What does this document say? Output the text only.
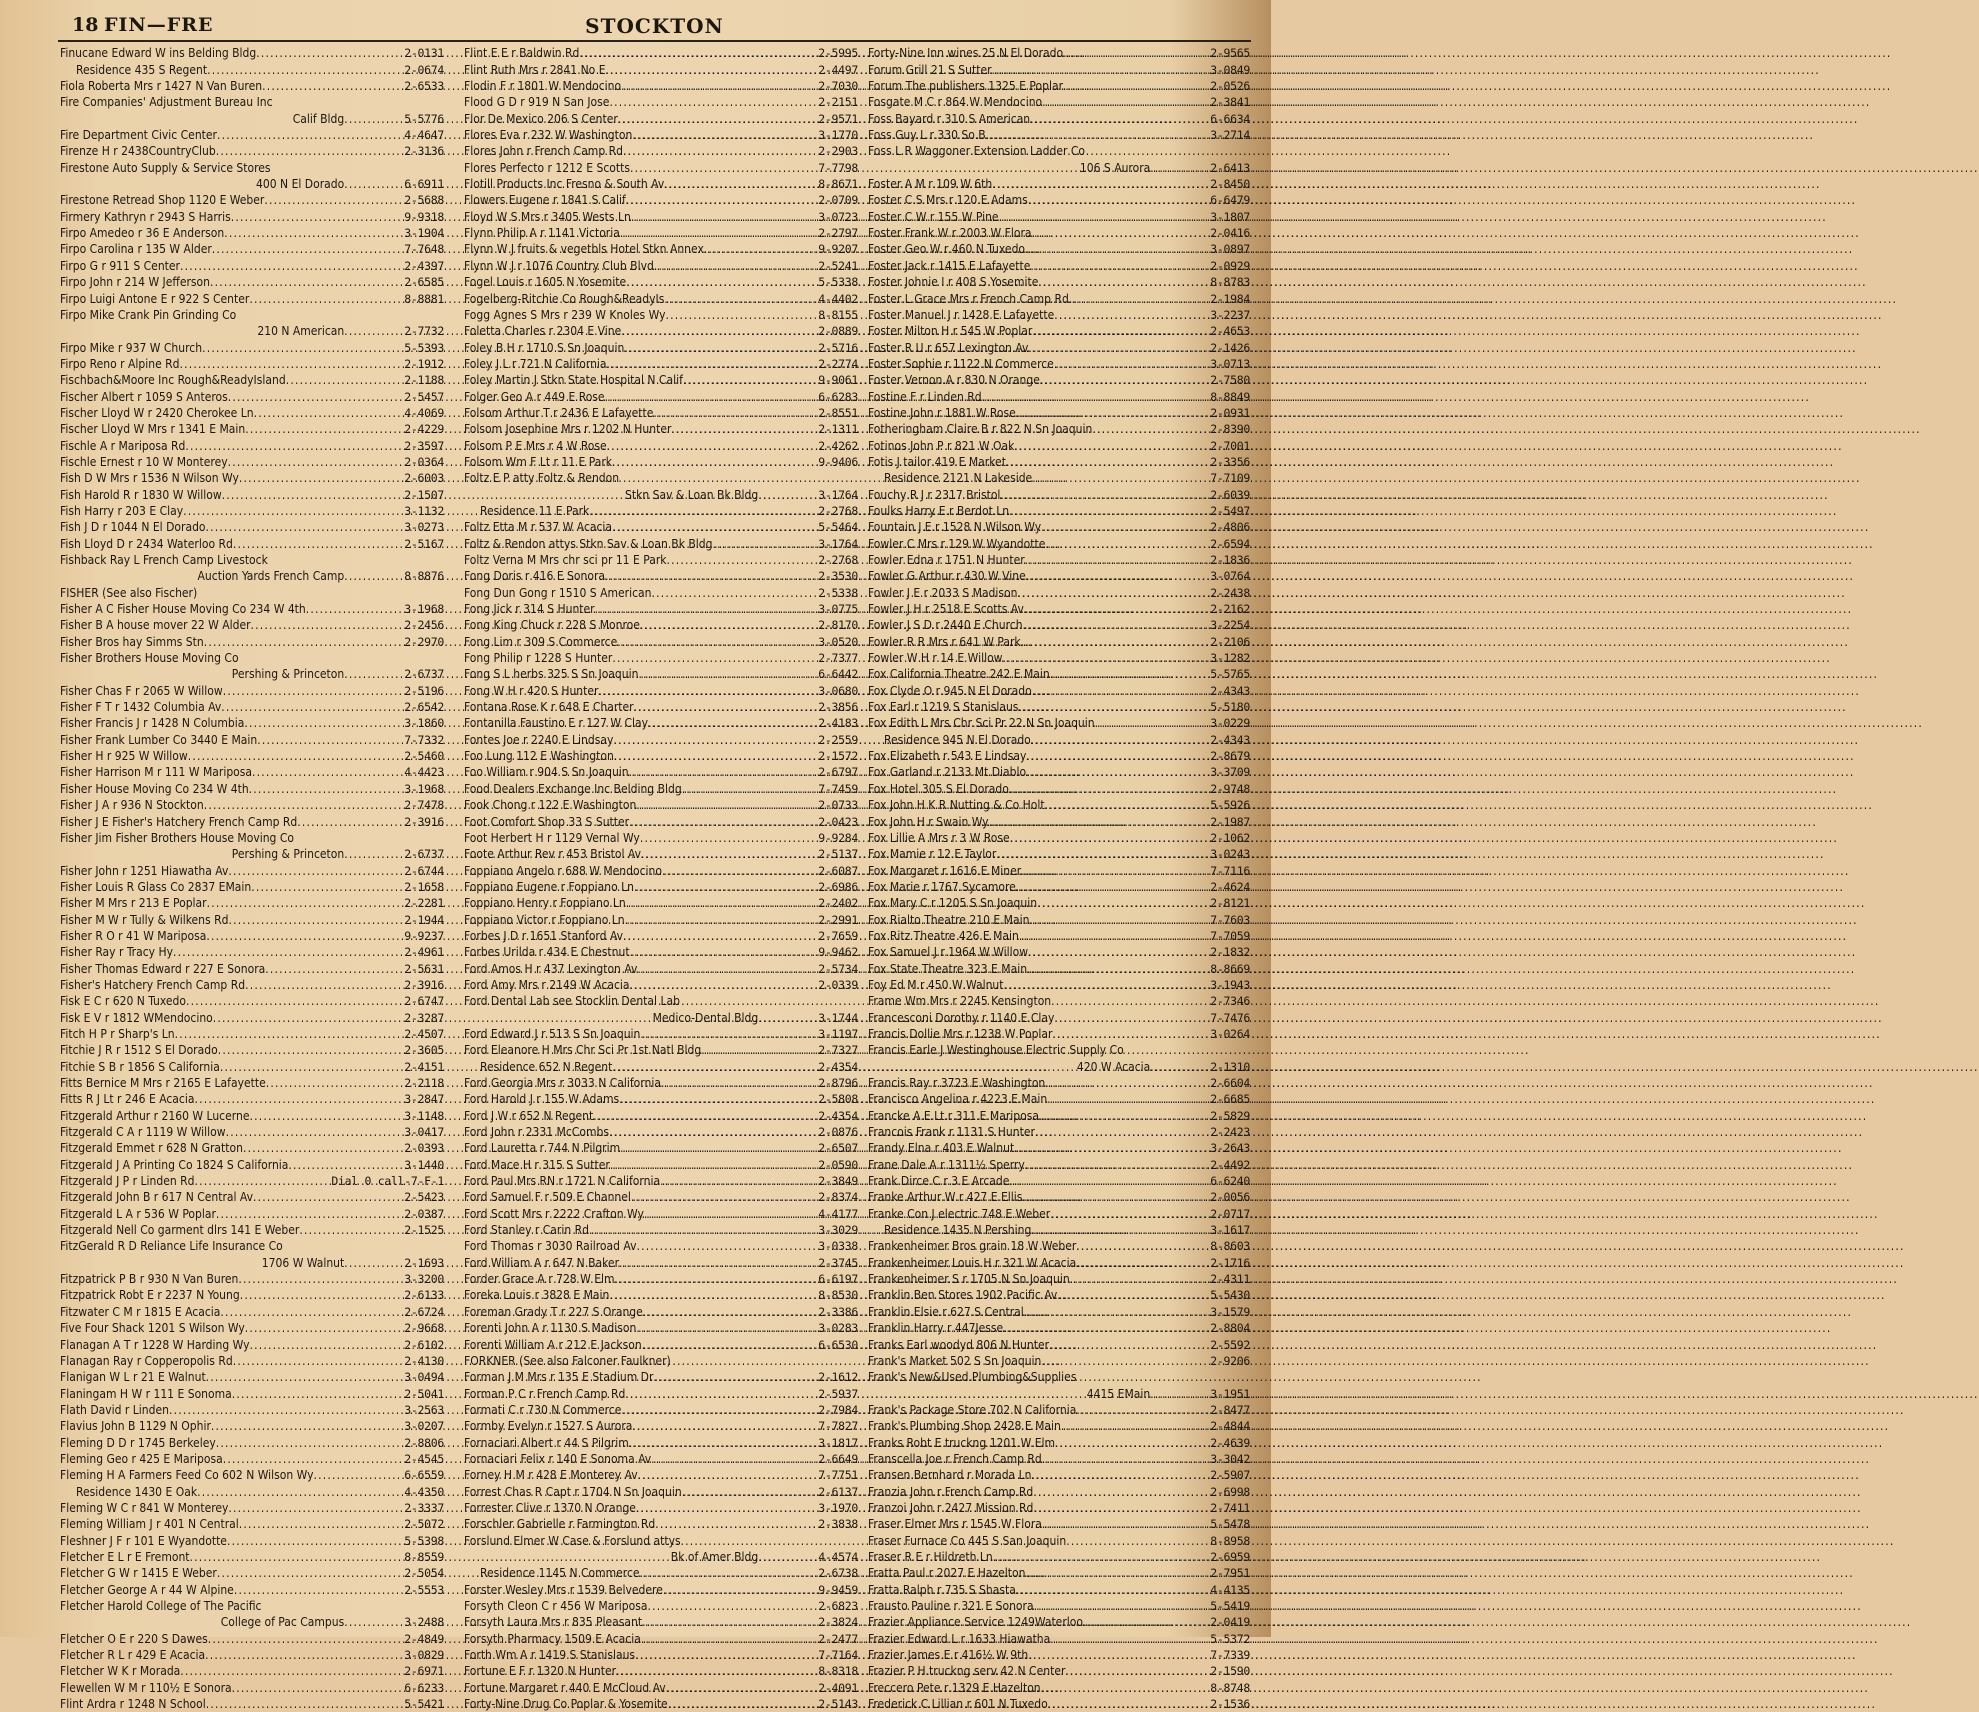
18 FIN—FRE	STOCKTON
Finucane Edward W ins Belding Bldg .....	2-0131
Residence 435 S Regent .....	2-0674
Fiola Roberta Mrs r 1427 N Van Buren .....	2-6533
Fire Companies' Adjustment Bureau Inc
Calif Bldg .....	5-5776
Fire Department Civic Center .....	4-4647
Firenze H r 2438CountryClub .....	2-3136
Firestone Auto Supply & Service Stores
400 N El Dorado .....	6-6911
Firestone Retread Shop 1120 E Weber .....	2-5688
Firmery Kathryn r 2943 S Harris .....	9-9318
Firpo Amedeo r 36 E Anderson .....	3-1904
Firpo Carolina r 135 W Alder .....	7-7648
Firpo G r 911 S Center .....	2-4397
Firpo John r 214 W Jefferson .....	2-6585
Firpo Luigi Antone E r 922 S Center .....	8-8881
Firpo Mike Crank Pin Grinding Co
210 N American .....	2-7732
Firpo Mike r 937 W Church .....	5-5393
Firpo Reno r Alpine Rd .....	2-1912
Fischbach&Moore Inc Rough&ReadyIsland .....	2-1188
Fischer Albert r 1059 S Anteros .....	2-5457
Fischer Lloyd W r 2420 Cherokee Ln .....	4-4069
Fischer Lloyd W Mrs r 1341 E Main .....	2-4229
Fischle A r Mariposa Rd .....	2-3597
Fischle Ernest r 10 W Monterey .....	2-0364
Fish D W Mrs r 1536 N Wilson Wy .....	2-6003
Fish Harold R r 1830 W Willow .....	2-1507
Fish Harry r 203 E Clay .....	3-1132
Fish J D r 1044 N El Dorado .....	3-0273
Fish Lloyd D r 2434 Waterloo Rd .....	2-5167
Fishback Ray L French Camp Livestock
Auction Yards French Camp .....	8-8876
FISHER (See also Fischer)
Fisher A C Fisher House Moving Co 234 W 4th .....	3-1968
Fisher B A house mover 22 W Alder .....	2-2456
Fisher Bros hay Simms Stn .....	2-2970
Fisher Brothers House Moving Co
Pershing & Princeton .....	2-6737
Fisher Chas F r 2065 W Willow .....	2-5196
Fisher F T r 1432 Columbia Av .....	2-6542
Fisher Francis J r 1428 N Columbia .....	3-1860
Fisher Frank Lumber Co 3440 E Main .....	7-7332
Fisher H r 925 W Willow .....	2-5460
Fisher Harrison M r 111 W Mariposa .....	4-4423
Fisher House Moving Co 234 W 4th .....	3-1968
Fisher J A r 936 N Stockton .....	2-7478
Fisher J E Fisher's Hatchery French Camp Rd .....	2-3916
Fisher Jim Fisher Brothers House Moving Co
Pershing & Princeton .....	2-6737
Fisher John r 1251 Hiawatha Av .....	2-6744
Fisher Louis R Glass Co 2837 EMain .....	2-1658
Fisher M Mrs r 213 E Poplar .....	2-2281
Fisher M W r Tully & Wilkens Rd .....	2-1944
Fisher R O r 41 W Mariposa .....	9-9237
Fisher Ray r Tracy Hy .....	2-4961
Fisher Thomas Edward r 227 E Sonora .....	2-5631
Fisher's Hatchery French Camp Rd .....	2-3916
Fisk E C r 620 N Tuxedo .....	2-6747
Fisk E V r 1812 WMendocino .....	2-3287
Fitch H P r Sharp's Ln .....	2-4507
Fitchie J R r 1512 S El Dorado .....	2-3605
Fitchie S B r 1856 S California .....	2-4151
Fitts Bernice M Mrs r 2165 E Lafayette .....	2-2118
Fitts R J Lt r 246 E Acacia .....	3-2847
Fitzgerald Arthur r 2160 W Lucerne .....	3-1148
Fitzgerald C A r 1119 W Willow .....	3-0417
Fitzgerald Emmet r 628 N Gratton .....	2-0393
Fitzgerald J A Printing Co 1824 S California .....	3-1440
Fitzgerald J P r Linden Rd .....	Dial 0 call-7-F-1
Fitzgerald John B r 617 N Central Av .....	2-5423
Fitzgerald L A r 536 W Poplar .....	2-0387
Fitzgerald Nell Co garment dlrs 141 E Weber .....	2-1525
FitzGerald R D Reliance Life Insurance Co
1706 W Walnut .....	2-1693
Fitzpatrick P B r 930 N Van Buren .....	3-3200
Fitzpatrick Robt E r 2237 N Young .....	2-6133
Fitzwater C M r 1815 E Acacia .....	2-6724
Five Four Shack 1201 S Wilson Wy .....	2-9668
Flanagan A T r 1228 W Harding Wy .....	2-6102
Flanagan Ray r Copperopolis Rd .....	2-4130
Flanigan W L r 21 E Walnut .....	3-0494
Flaningam H W r 111 E Sonoma .....	2-5041
Flath David r Linden .....	3-2563
Flavius John B 1129 N Ophir .....	3-0207
Fleming D D r 1745 Berkeley .....	2-8806
Fleming Geo r 425 E Mariposa .....	2-4545
Fleming H A Farmers Feed Co 602 N Wilson Wy .....	6-6559
Residence 1430 E Oak .....	4-4350
Fleming W C r 841 W Monterey .....	2-3337
Fleming William J r 401 N Central .....	2-5072
Fleshner J F r 101 E Wyandotte .....	5-5398
Fletcher E L r E Fremont .....	8-8559
Fletcher G W r 1415 E Weber .....	2-5054
Fletcher George A r 44 W Alpine .....	2-5553
Fletcher Harold College of The Pacific
College of Pac Campus .....	3-2488
Fletcher O E r 220 S Dawes .....	2-4849
Fletcher R L r 429 E Acacia .....	3-0829
Fletcher W K r Morada .....	2-6971
Flewellen W M r 110½ E Sonora .....	6-6233
Flint Ardra r 1248 N School .....	5-5421
Flint E E r Baldwin Rd .....	2-5995
Flint Ruth Mrs r 2841 No E .....	2-4497
Flodin F r 1801 W Mendocino .....	2-7030
Flood G D r 919 N San Jose .....	2-2151
Flor De Mexico 206 S Center .....	2-9571
Flores Eva r 232 W Washington .....	3-1770
Flores John r French Camp Rd .....	2-2903
Flores Perfecto r 1212 E Scotts .....	7-7798
Flotill Products Inc Fresno & South Av .....	8-8671
Flowers Eugene r 1841 S Calif .....	2-0709
Floyd W S Mrs r 3405 Wests Ln .....	3-0723
Flynn Philip A r 1141 Victoria .....	2-2797
Flynn W J fruits & vegetbls Hotel Stkn Annex .....	9-9207
Flynn W J r 1076 Country Club Blvd .....	2-5241
Fogel Louis r 1605 N Yosemite .....	5-5338
Fogelberg-Ritchie Co Rough&ReadyIs .....	4-4402
Fogg Agnes S Mrs r 239 W Knoles Wy .....	8-8155
Foletta Charles r 2304 E Vine .....	2-0889
Foley B H r 1710 S Sn Joaquin .....	2-5716
Foley J L r 721 N California .....	2-2774
Foley Martin J Stkn State Hospital N Calif .....	9-9061
Folger Geo A r 449 E Rose .....	6-6283
Folsom Arthur T r 2436 E Lafayette .....	2-8551
Folsom Josephine Mrs r 1202 N Hunter .....	2-1311
Folsom P E Mrs r 4 W Rose .....	2-4262
Folsom Wm F Lt r 11 E Park .....	9-9406
Foltz E P atty Foltz & Rendon
Stkn Sav & Loan Bk Bldg .....	3-1764
Residence 11 E Park .....	2-2768
Foltz Etta M r 537 W Acacia .....	5-5464
Foltz & Rendon attys Stkn Sav & Loan Bk Bldg .....	3-1764
Foltz Verna M Mrs chr sci pr 11 E Park .....	2-2768
Fong Doris r 416 E Sonora .....	2-3530
Fong Dun Gong r 1510 S American .....	2-5338
Fong Jick r 314 S Hunter .....	3-0775
Fong King Chuck r 228 S Monroe .....	2-8170
Fong Lim r 309 S Commerce .....	3-0520
Fong Philip r 1228 S Hunter .....	2-7377
Fong S L herbs 325 S Sn Joaquin .....	6-6442
Fong W H r 420 S Hunter .....	3-0680
Fontana Rose K r 648 E Charter .....	2-3856
Fontanilla Faustino E r 127 W Clay .....	2-4183
Fontes Joe r 2240 E Lindsay .....	2-2559
Foo Lung 112 E Washington .....	2-1572
Foo William r 904 S Sn Joaquin .....	2-6797
Food Dealers Exchange Inc Belding Bldg .....	7-7459
Fook Chong r 122 E Washington .....	2-0733
Foot Comfort Shop 33 S Sutter .....	2-0423
Foot Herbert H r 1129 Vernal Wy .....	9-9284
Foote Arthur Rev r 453 Bristol Av .....	2-5137
Foppiano Angelo r 688 W Mendocino .....	2-6087
Foppiano Eugene r Foppiano Ln .....	2-6986
Foppiano Henry r Foppiano Ln .....	2-2402
Foppiano Victor r Foppiano Ln .....	2-2991
Forbes J D r 1651 Stanford Av .....	2-7659
Forbes Urilda r 434 E Chestnut .....	9-9462
Ford Amos H r 437 Lexington Av .....	2-5734
Ford Amy Mrs r 2149 W Acacia .....	2-0339
Ford Dental Lab see Stocklin Dental Lab
Medico-Dental Bldg .....	3-1744
Ford Edward J r 513 S Sn Joaquin .....	3-1197
Ford Eleanore H Mrs Chr Sci Pr 1st Natl Bldg .....	2-7327
Residence 652 N Regent .....	2-4354
Ford Georgia Mrs r 3033 N California .....	2-8796
Ford Harold J r 155 W Adams .....	2-5808
Ford J W r 652 N Regent .....	2-4354
Ford John r 2331 McCombs .....	2-0876
Ford Lauretta r 744 N Pilgrim .....	2-6507
Ford Mace H r 315 S Sutter .....	2-0590
Ford Paul Mrs RN r 1721 N California .....	2-3849
Ford Samuel F r 509 E Channel .....	2-8374
Ford Scott Mrs r 2222 Crafton Wy .....	4-4177
Ford Stanley r Carin Rd .....	3-3029
Ford Thomas r 3030 Railroad Av .....	3-0338
Ford William A r 647 N Baker .....	2-3745
Forder Grace A r 728 W Elm .....	6-6197
Foreka Louis r 3828 E Main .....	8-8530
Foreman Grady T r 227 S Orange .....	2-3386
Forenti John A r 1130 S Madison .....	3-0283
Forenti William A r 212 E Jackson .....	6-6530
FORKNER (See also Falconer Faulkner)
Forman J M Mrs r 135 E Stadium Dr .....	2-1612
Forman P C r French Camp Rd .....	2-5937
Formati C r 730 N Commerce .....	2-7984
Formby Evelyn r 1527 S Aurora .....	7-7827
Fornaciari Albert r 44 S Pilgrim .....	3-1817
Fornaciari Felix r 140 E Sonoma Av .....	2-6649
Forney H M r 428 E Monterey Av .....	7-7751
Forrest Chas R Capt r 1704 N Sn Joaquin .....	2-6137
Forrester Clive r 1370 N Orange .....	3-1970
Forschler Gabrielle r Farmington Rd .....	2-3838
Forslund Elmer W Case & Forslund attys
Bk of Amer Bldg .....	4-4574
Residence 1145 N Commerce .....	2-6738
Forster Wesley Mrs r 1539 Belvedere .....	9-9459
Forsyth Cleon C r 456 W Mariposa .....	2-6823
Forsyth Laura Mrs r 835 Pleasant .....	2-3824
Forsyth Pharmacy 1509 E Acacia .....	2-2477
Forth Wm A r 1419 S Stanislaus .....	7-7164
Fortune E F r 1320 N Hunter .....	8-8318
Fortune Margaret r 440 E McCloud Av .....	2-4091
Forty-Nine Drug Co Poplar & Yosemite .....	2-5143
Forty-Nine Inn wines 25 N El Dorado .....	2-9565
Forum Grill 21 S Sutter .....	3-0849
Forum The publishers 1325 E Poplar .....	2-0526
Fosgate M C r 864 W Mendocino .....	2-3841
Foss Bayard r 310 S American .....	6-6634
Foss Guy L r 330 So B .....	3-2714
Foss L R Waggoner Extension Ladder Co
106 S Aurora .....	2-6413
Foster A M r 109 W 6th .....	2-8450
Foster C S Mrs r 120 E Adams .....	6-6479
Foster C W r 155 W Pine .....	3-1807
Foster Frank W r 2003 W Flora .....	2-0416
Foster Geo W r 460 N Tuxedo .....	3-0897
Foster Jack r 1415 E Lafayette .....	2-0929
Foster Johnie I r 408 S Yosemite .....	8-8783
Foster L Grace Mrs r French Camp Rd .....	2-1984
Foster Manuel J r 1428 E Lafayette .....	3-2237
Foster Milton H r 545 W Poplar .....	2-4653
Foster R U r 657 Lexington Av .....	2-1426
Foster Sophie r 1122 N Commerce .....	3-0713
Foster Vernon A r 830 N Orange .....	2-7580
Fostine F r Linden Rd .....	8-8849
Fostine John r 1881 W Rose .....	2-0931
Fotheringham Claire B r 822 N Sn Joaquin .....	2-8390
Fotinos John P r 821 W Oak .....	2-7001
Fotis J tailor 419 E Market .....	2-3356
Residence 2121 N Lakeside .....	7-7109
Fouchy R J r 2317 Bristol .....	2-6039
Foulks Harry E r Berdot Ln .....	2-5497
Fountain J E r 1528 N Wilson Wy .....	2-4806
Fowler C Mrs r 129 W Wyandotte .....	2-6594
Fowler Edna r 1751 N Hunter .....	2-1836
Fowler G Arthur r 430 W Vine .....	3-0764
Fowler J E r 2033 S Madison .....	2-2438
Fowler J H r 2518 E Scotts Av .....	2-2162
Fowler J S D r 2440 E Church .....	3-2254
Fowler R R Mrs r 641 W Park .....	2-2106
Fowler W H r 14 E Willow .....	3-1282
Fox California Theatre 242 E Main .....	5-5765
Fox Clyde O r 945 N El Dorado .....	2-4343
Fox Earl r 1219 S Stanislaus .....	5-5180
Fox Edith L Mrs Chr Sci Pr 22 N Sn Joaquin .....	3-0229
Residence 945 N El Dorado .....	2-4343
Fox Elizabeth r 543 E Lindsay .....	2-8679
Fox Garland r 2133 Mt Diablo .....	3-3709
Fox Hotel 305 S El Dorado .....	2-9748
Fox John H K R Nutting & Co Holt .....	5-5926
Fox John H r Swain Wy .....	2-1987
Fox Lillie A Mrs r 3 W Rose .....	2-1062
Fox Mamie r 12 E Taylor .....	3-0243
Fox Margaret r 1616 E Miner .....	7-7116
Fox Marie r 1767 Sycamore .....	2-4624
Fox Mary C r 1205 S Sn Joaquin .....	2-8121
Fox Rialto Theatre 210 E Main .....	7-7603
Fox Ritz Theatre 426 E Main .....	7-7059
Fox Samuel J r 1964 W Willow .....	2-1832
Fox State Theatre 323 E Main .....	8-8669
Foy Ed M r 450 W Walnut .....	3-1943
Frame Wm Mrs r 2245 Kensington .....	2-7346
Francesconi Dorothy r 1140 E Clay .....	7-7476
Francis Dollie Mrs r 1238 W Poplar .....	3-0264
Francis Earle J Westinghouse Electric Supply Co
420 W Acacia .....	2-1310
Francis Ray r 3723 E Washington .....	2-6604
Francisco Angelina r 4223 E Main .....	2-6685
Francke A E Lt r 311 E Mariposa .....	2-5829
Francois Frank r 1131 S Hunter .....	2-2423
Frandy Elna r 403 E Walnut .....	3-2643
Frane Dale A r 1311½ Sperry .....	2-4492
Frank Dirce C r 3 E Arcade .....	6-6240
Franke Arthur W r 427 E Ellis .....	2-0056
Franke Con J electric 748 E Weber .....	2-0717
Residence 1435 N Pershing .....	3-1617
Frankenheimer Bros grain 18 W Weber .....	8-8603
Frankenheimer Louis H r 321 W Acacia .....	2-1716
Frankenheimer S r 1705 N Sn Joaquin .....	2-4311
Franklin Ben Stores 1902 Pacific Av .....	5-5430
Franklin Elsie r 627 S Central .....	3-1579
Franklin Harry r 447Jesse .....	2-8804
Franks Earl woodyd 806 N Hunter .....	2-5592
Frank's Market 502 S Sn Joaquin .....	2-9206
Frank's New&Used Plumbing&Supplies
4415 EMain .....	3-1951
Frank's Package Store 702 N California .....	2-8477
Frank's Plumbing Shop 2428 E Main .....	2-4844
Franks Robt E truckng 1201 W Elm .....	2-4639
Franscella Joe r French Camp Rd .....	3-3042
Fransen Bernhard r Morada Ln .....	2-5907
Franzia John r French Camp Rd .....	2-6998
Franzoi John r 2427 Mission Rd .....	2-7411
Fraser Elmer Mrs r 1545 W Flora .....	5-5478
Fraser Furnace Co 445 S San Joaquin .....	8-8958
Fraser R E r Hildreth Ln .....	2-6959
Fratta Paul r 2027 E Hazelton .....	2-7951
Fratta Ralph r 735 S Shasta .....	4-4135
Frausto Pauline r 321 E Sonora .....	5-5419
Frazier Appliance Service 1249Waterloo .....	2-0419
Frazier Edward L r 1633 Hiawatha .....	5-5372
Frazier James E r 416½ W 9th .....	7-7339
Frazier P H truckng serv 42 N Center .....	2-1590
Freccero Pete r 1329 E Hazelton .....	8-8748
Frederick C Lillian r 601 N Tuxedo .....	2-1536
